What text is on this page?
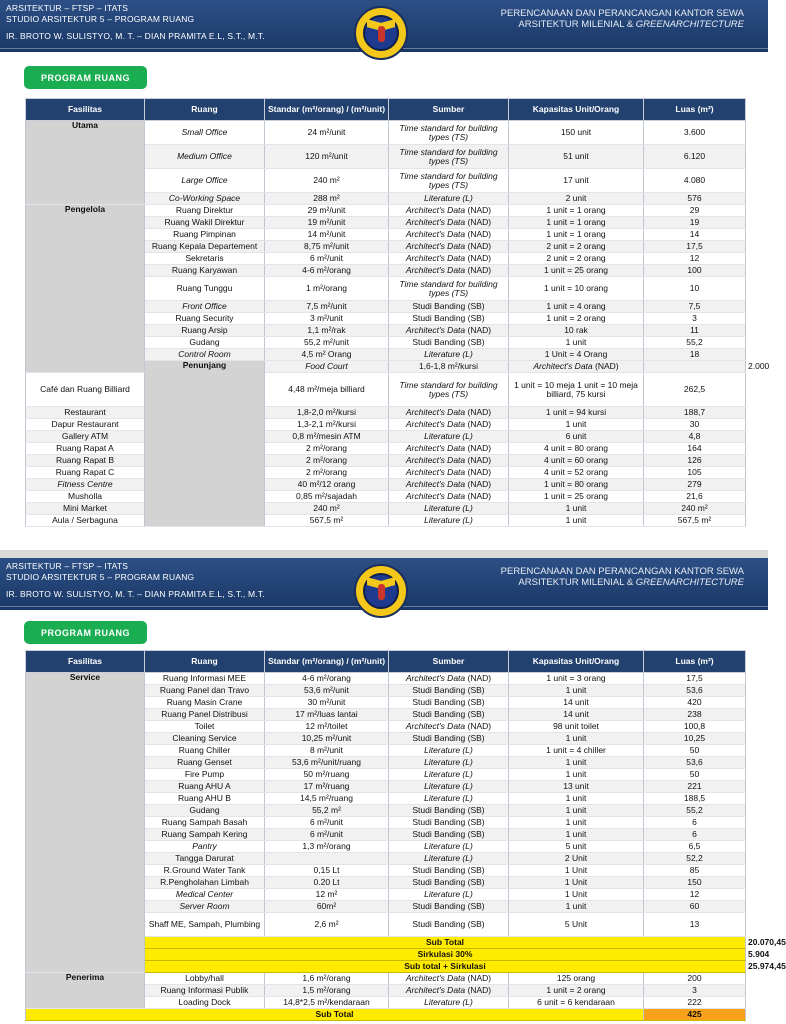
ARSITEKTUR – FTSP – ITATS
STUDIO ARSITEKTUR 5 – PROGRAM RUANG
IR. BROTO W. SULISTYO, M. T. – DIAN PRAMITA E.L, S.T., M.T.
PERENCANAAN DAN PERANCANGAN KANTOR SEWA
ARSITEKTUR MILENIAL & GREENARCHITECTURE
PROGRAM RUANG
Fasilitas	Ruang	Standar (m²/orang) / (m²/unit)	Sumber	Kapasitas Unit/Orang	Luas (m²)	
Utama	Small Office	24 m²/unit	Time standard for building types (TS)	150 unit	3.600	
	Medium Office	120 m²/unit	Time standard for building types (TS)	51 unit	6.120	
	Large Office	240 m²	Time standard for building types (TS)	17 unit	4.080	
	Co-Working Space	288 m²	Literature (L)	2 unit	576	
Pengelola	Ruang Direktur	29 m²/unit	Architect's Data (NAD)	1 unit = 1 orang	29	
	Ruang Wakil Direktur	19 m²/unit	Architect's Data (NAD)	1 unit = 1 orang	19	
	Ruang Pimpinan	14 m²/unit	Architect's Data (NAD)	1 unit = 1 orang	14	
	Ruang Kepala Departement	8,75 m²/unit	Architect's Data (NAD)	2 unit = 2 orang	17,5	
	Sekretaris	6 m²/unit	Architect's Data (NAD)	2 unit = 2 orang	12	
	Ruang Karyawan	4-6 m²/orang	Architect's Data (NAD)	1 unit = 25 orang	100	
	Ruang Tunggu	1 m²/orang	Time standard for building types (TS)	1 unit = 10 orang	10	
	Front Office	7,5 m²/unit	Studi Banding (SB)	1 unit = 4 orang	7,5	
	Ruang Security	3 m²/unit	Studi Banding (SB)	1 unit = 2 orang	3	
	Ruang Arsip	1,1 m²/rak	Architect's Data (NAD)	10 rak	11	
	Gudang	55,2 m²/unit	Studi Banding (SB)	1 unit	55,2	
	Control Room	4,5 m² Orang	Literature (L)	1 Unit = 4 Orang	18	
	Penunjang	Food Court	1,6-1,8 m²/kursi	Architect's Data (NAD)		2.000
Café dan Ruang Billiard		4,48 m²/meja billiard	Time standard for building types (TS)	1 unit = 10 meja 1 unit = 10 meja billiard, 75 kursi	262,5	
Restaurant		1,8-2,0 m²/kursi	Architect's Data (NAD)	1 unit = 94 kursi	188,7	
Dapur Restaurant		1,3-2,1 m²/kursi	Architect's Data (NAD)	1 unit	30	
Gallery ATM		0,8 m²/mesin ATM	Literature (L)	6 unit	4,8	
Ruang Rapat A		2 m²/orang	Architect's Data (NAD)	4 unit = 80 orang	164	
Ruang Rapat B		2 m²/orang	Architect's Data (NAD)	4 unit = 60 orang	126	
Ruang Rapat C		2 m²/orang	Architect's Data (NAD)	4 unit = 52 orang	105	
Fitness Centre		40 m²/12 orang	Architect's Data (NAD)	1 unit = 80 orang	279	
Musholla		0,85 m²/sajadah	Architect's Data (NAD)	1 unit = 25 orang	21,6	
Mini Market		240 m²	Literature (L)	1 unit	240 m²	
Aula / Serbaguna		567,5 m²	Literature (L)	1 unit	567,5 m²	
ARSITEKTUR – FTSP – ITATS
STUDIO ARSITEKTUR 5 – PROGRAM RUANG
IR. BROTO W. SULISTYO, M. T. – DIAN PRAMITA E.L, S.T., M.T.
PERENCANAAN DAN PERANCANGAN KANTOR SEWA
ARSITEKTUR MILENIAL & GREENARCHITECTURE
PROGRAM RUANG
Fasilitas	Ruang	Standar (m²/orang) / (m²/unit)	Sumber	Kapasitas Unit/Orang	Luas (m²)	
Service	Ruang Informasi MEE	4-6 m²/orang	Architect's Data (NAD)	1 unit = 3 orang	17,5	
	Ruang Panel dan Travo	53,6 m²/unit	Studi Banding (SB)	1 unit	53,6	
	Ruang Masin Crane	30 m²/unit	Studi Banding (SB)	14 unit	420	
	Ruang Panel Distribusi	17 m²/luas lantai	Studi Banding (SB)	14 unit	238	
	Toilet	12 m²/toilet	Architect's Data (NAD)	98 unit toilet	100,8	
	Cleaning Service	10,25 m²/unit	Studi Banding (SB)	1 unit	10,25	
	Ruang Chiller	8 m²/unit	Literature (L)	1 unit = 4 chiller	50	
	Ruang Genset	53,6 m²/unit/ruang	Literature (L)	1 unit	53,6	
	Fire Pump	50 m²/ruang	Literature (L)	1 unit	50	
	Ruang AHU A	17 m²/ruang	Literature (L)	13 unit	221	
	Ruang AHU B	14,5 m²/ruang	Literature (L)	1 unit	188,5	
	Gudang	55,2 m²	Studi Banding (SB)	1 unit	55,2	
	Ruang Sampah Basah	6 m²/unit	Studi Banding (SB)	1 unit	6	
	Ruang Sampah Kering	6 m²/unit	Studi Banding (SB)	1 unit	6	
	Pantry	1,3 m²/orang	Literature (L)	5 unit	6,5	
	Tangga Darurat		Literature (L)	2 Unit	52,2	
	R.Ground Water Tank	0,15 Lt	Studi Banding (SB)	1 Unit	85	
	R.Pengholahan Limbah	0.20 Lt	Studi Banding (SB)	1 Unit	150	
	Medical Center	12 m²	Literature (L)	1 Unit	12	
	Server Room	60m²	Studi Banding (SB)	1 unit	60	
	Shaff ME, Sampah, Plumbing	2,6 m²	Studi Banding (SB)	5 Unit	13	
	Sub Total					20.070,45
	Sirkulasi 30%					5.904
	Sub total + Sirkulasi					25.974,45
Penerima	Lobby/hall	1,6 m²/orang	Architect's Data (NAD)	125 orang	200	
	Ruang Informasi Publik	1,5 m²/orang	Architect's Data (NAD)	1 unit = 2 orang	3	
	Loading Dock	14,8*2,5 m²/kendaraan	Literature (L)	6 unit = 6 kendaraan	222	
Sub Total					425	
